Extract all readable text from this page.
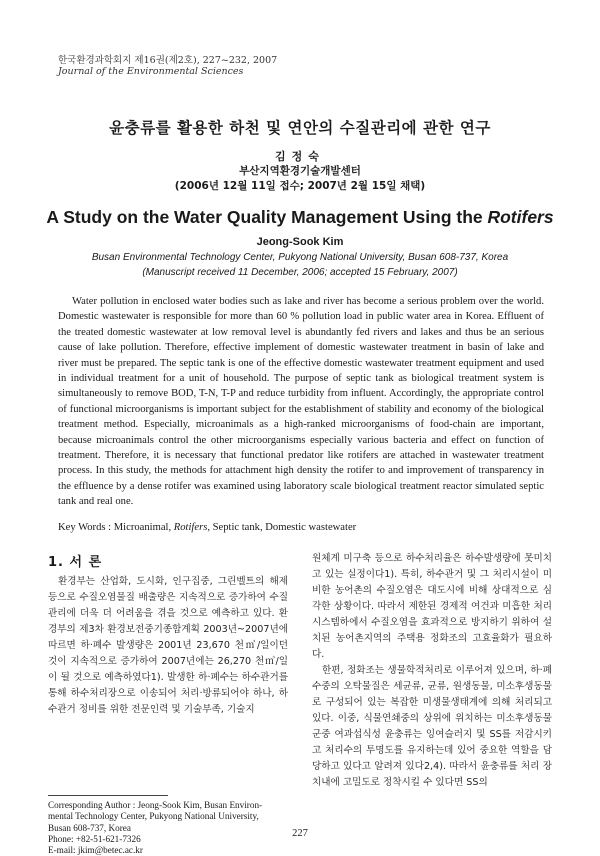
한국환경과학회지 제16권(제2호), 227~232, 2007
Journal of the Environmental Sciences
윤충류를 활용한 하천 및 연안의 수질관리에 관한 연구
김정숙
부산지역환경기술개발센터
(2006년 12월 11일 접수; 2007년 2월 15일 채택)
A Study on the Water Quality Management Using the Rotifers
Jeong-Sook Kim
Busan Environmental Technology Center, Pukyong National University, Busan 608-737, Korea
(Manuscript received 11 December, 2006; accepted 15 February, 2007)

Water pollution in enclosed water bodies such as lake and river has become a serious problem over the world. Domestic wastewater is responsible for more than 60 % pollution load in public water area in Korea. Effluent of the treated domestic wastewater at low removal level is abundantly fed rivers and lakes and thus be an serious cause of lake pollution. Therefore, effective implement of domestic wastewater treatment in basin of lake and river must be prepared. The septic tank is one of the effective domestic wastewater treatment equipment and used in individual treatment for a unit of household. The purpose of septic tank as biological treatment system is simultaneously to remove BOD, T-N, T-P and reduce turbidity from influent. Accordingly, the appropriate control of functional microorganisms is important subject for the establishment of stability and economy of the biological treatment method. Especially, microanimals as a high-ranked microorganisms of food-chain are important, because microanimals control the other microorganisms especially various bacteria and effect on function of treatment. Therefore, it is necessary that functional predator like rotifers are attached in wastewater treatment process. In this study, the methods for attachment high density the rotifer to and improvement of transparency in the effluence by a dense rotifer was examined using laboratory scale biological treatment reactor simulated septic tank and real one.

Key Words : Microanimal, Rotifers, Septic tank, Domestic wastewater
1. 서 론

환경부는 산업화, 도시화, 인구집중, 그린벨트의 해제 등으로 수질오염물질 배출량은 지속적으로 증가하여 수질관리에 더욱 더 어려움을 겪을 것으로 예측하고 있다. 환경부의 제3차 환경보전중기종합계획 2003년~2007년에 따르면 하·폐수 발생량은 2001년 23,670 천㎥/일이던 것이 지속적으로 증가하여 2007년에는 26,270 천㎥/일이 될 것으로 예측하였다1). 발생한 하·폐수는 하수관거를 통해 하수처리장으로 이송되어 처리·방류되어야 하나, 하수관거 정비를 위한 전문인력 및 기술부족, 기술지

원체계 미구축 등으로 하수처리율은 하수발생량에 못미치고 있는 실정이다1). 특히, 하수관거 및 그 처리시설이 미비한 농어촌의 수질오염은 대도시에 비해 상대적으로 심각한 상황이다. 따라서 제한된 경제적 여건과 미흡한 처리시스템하에서 수질오염을 효과적으로 방지하기 위하여 설치된 농어촌지역의 주택용 정화조의 고효율화가 필요하다.

한편, 정화조는 생물학적처리로 이루어져 있으며, 하·폐수중의 오탁물질은 세균류, 균류, 원생동물, 미소후생동물로 구성되어 있는 복잡한 미생물생태계에 의해 처리되고 있다. 이중, 식물연쇄중의 상위에 위치하는 미소후생동물군중 여과섭식성 윤충류는 잉여슬러지 및 SS를 저감시키고 처리수의 투명도를 유지하는데 있어 중요한 역할을 담당하고 있다고 알려져 있다2,4). 따라서 윤충류를 처리 장치내에 고밀도로 정착시킬 수 있다면 SS의

Corresponding Author : Jeong-Sook Kim, Busan Environ-
mental Technology Center, Pukyong National University,
Busan 608-737, Korea
Phone: +82-51-621-7326
E-mail: jkim@betec.ac.kr
227
